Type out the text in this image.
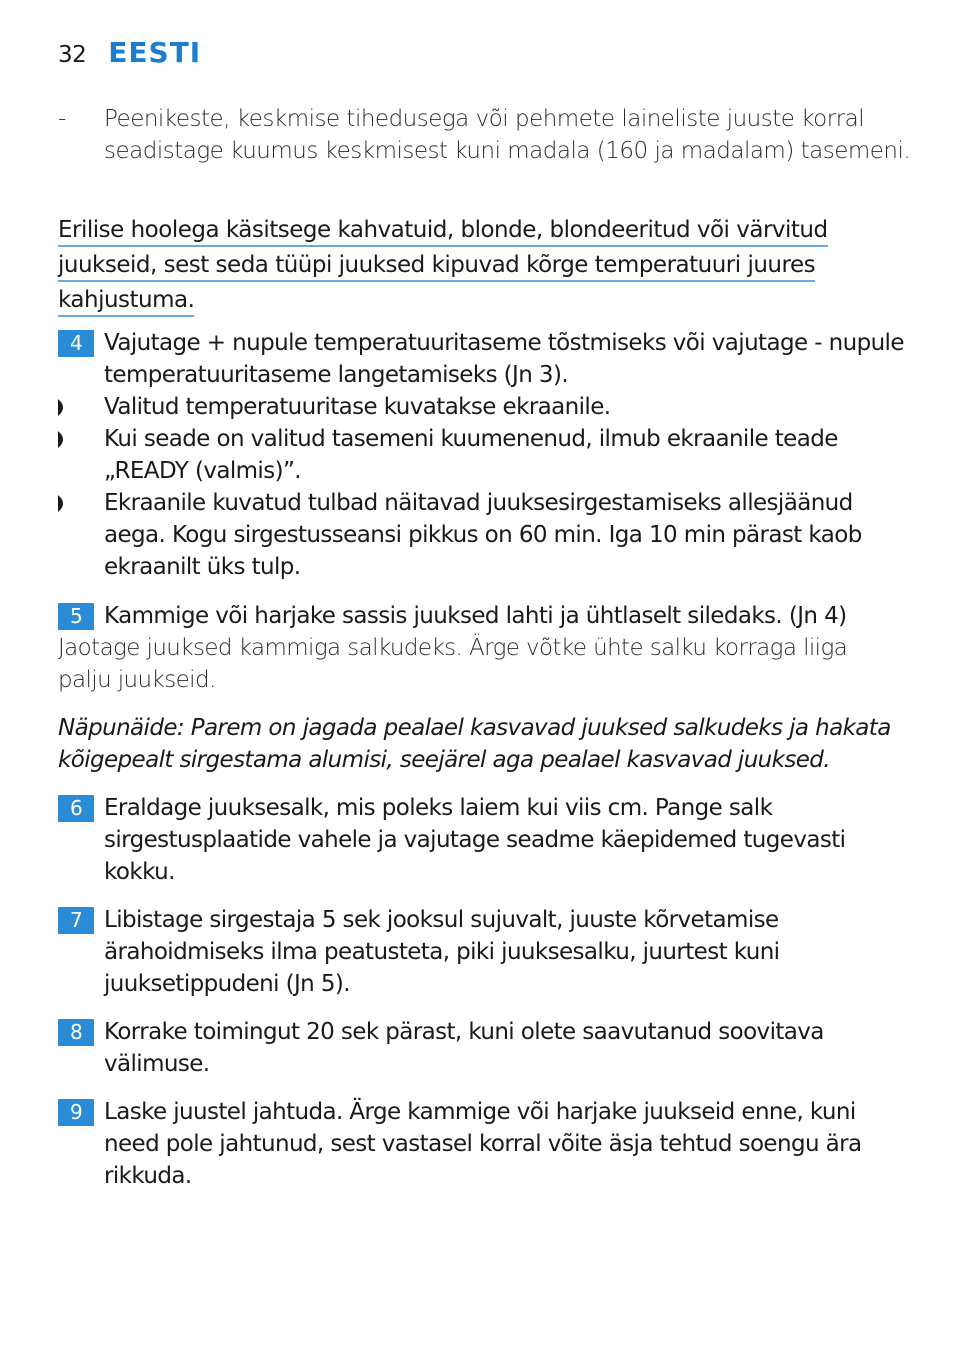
32 EESTI
-	Peenikeste, keskmise tihedusega või pehmete laineliste juuste korral seadistage kuumus keskmisest kuni madala (160 ja madalam) tasemeni.
Erilise hoolega käsitsege kahvatuid, blonde, blondeeritud või värvitud
juukseid, sest seda tüüpi juuksed kipuvad kõrge temperatuuri juures
kahjustuma.
4 Vajutage + nupule temperatuuritaseme tõstmiseks või vajutage - nupule temperatuuritaseme langetamiseks (Jn 3).
Valitud temperatuuritase kuvatakse ekraanile.
Kui seade on valitud tasemeni kuumenenud, ilmub ekraanile teade „READY (valmis)”.
Ekraanile kuvatud tulbad näitavad juuksesirgestamiseks allesjäänud aega. Kogu sirgestusseansi pikkus on 60 min. Iga 10 min pärast kaob ekraanilt üks tulp.
5 Kammige või harjake sassis juuksed lahti ja ühtlaselt siledaks. (Jn 4)
Jaotage juuksed kammiga salkudeks. Ärge võtke ühte salku korraga liiga palju juukseid.
Näpunäide: Parem on jagada pealael kasvavad juuksed salkudeks ja hakata kõigepealt sirgestama alumisi, seejärel aga pealael kasvavad juuksed.
6 Eraldage juuksesalk, mis poleks laiem kui viis cm. Pange salk sirgestusplaatide vahele ja vajutage seadme käepidemed tugevasti kokku.
7 Libistage sirgestaja 5 sek jooksul sujuvalt, juuste kõrvetamise ärahoidmiseks ilma peatusteta, piki juuksesalku, juurtest kuni juuksetippudeni (Jn 5).
8 Korrake toimingut 20 sek pärast, kuni olete saavutanud soovitava välimuse.
9 Laske juustel jahtuda. Ärge kammige või harjake juukseid enne, kuni need pole jahtunud, sest vastasel korral võite äsja tehtud soengu ära rikkuda.
